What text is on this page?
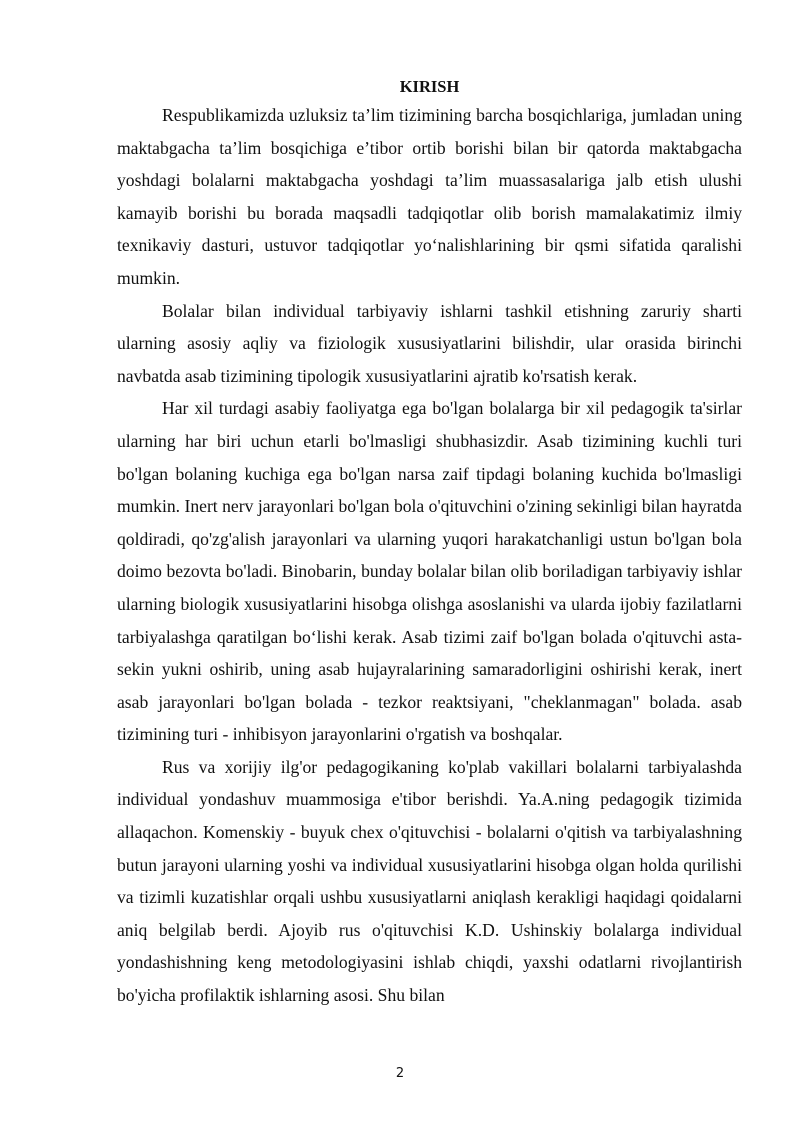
KIRISH

Respublikamizda uzluksiz ta’lim tizimining barcha bosqichlariga, jumladan uning maktabgacha ta’lim bosqichiga e’tibor ortib borishi bilan bir qatorda maktabgacha yoshdagi bolalarni maktabgacha yoshdagi ta’lim muassasalariga jalb etish ulushi kamayib borishi bu borada maqsadli tadqiqotlar olib borish mamalakatimiz ilmiy texnikaviy dasturi, ustuvor tadqiqotlar yo‘nalishlarining bir qsmi sifatida qaralishi mumkin.

Bolalar bilan individual tarbiyaviy ishlarni tashkil etishning zaruriy sharti ularning asosiy aqliy va fiziologik xususiyatlarini bilishdir, ular orasida birinchi navbatda asab tizimining tipologik xususiyatlarini ajratib ko'rsatish kerak.

Har xil turdagi asabiy faoliyatga ega bo'lgan bolalarga bir xil pedagogik ta'sirlar ularning har biri uchun etarli bo'lmasligi shubhasizdir. Asab tizimining kuchli turi bo'lgan bolaning kuchiga ega bo'lgan narsa zaif tipdagi bolaning kuchida bo'lmasligi mumkin. Inert nerv jarayonlari bo'lgan bola o'qituvchini o'zining sekinligi bilan hayratda qoldiradi, qo'zg'alish jarayonlari va ularning yuqori harakatchanligi ustun bo'lgan bola doimo bezovta bo'ladi. Binobarin, bunday bolalar bilan olib boriladigan tarbiyaviy ishlar ularning biologik xususiyatlarini hisobga olishga asoslanishi va ularda ijobiy fazilatlarni tarbiyalashga qaratilgan bo‘lishi kerak. Asab tizimi zaif bo'lgan bolada o'qituvchi asta-sekin yukni oshirib, uning asab hujayralarining samaradorligini oshirishi kerak, inert asab jarayonlari bo'lgan bolada - tezkor reaktsiyani, "cheklanmagan" bolada. asab tizimining turi - inhibisyon jarayonlarini o'rgatish va boshqalar.

Rus va xorijiy ilg'or pedagogikaning ko'plab vakillari bolalarni tarbiyalashda individual yondashuv muammosiga e'tibor berishdi. Ya.A.ning pedagogik tizimida allaqachon. Komenskiy - buyuk chex o'qituvchisi - bolalarni o'qitish va tarbiyalashning butun jarayoni ularning yoshi va individual xususiyatlarini hisobga olgan holda qurilishi va tizimli kuzatishlar orqali ushbu xususiyatlarni aniqlash kerakligi haqidagi qoidalarni aniq belgilab berdi. Ajoyib rus o'qituvchisi K.D. Ushinskiy bolalarga individual yondashishning keng metodologiyasini ishlab chiqdi, yaxshi odatlarni rivojlantirish bo'yicha profilaktik ishlarning asosi. Shu bilan

2
